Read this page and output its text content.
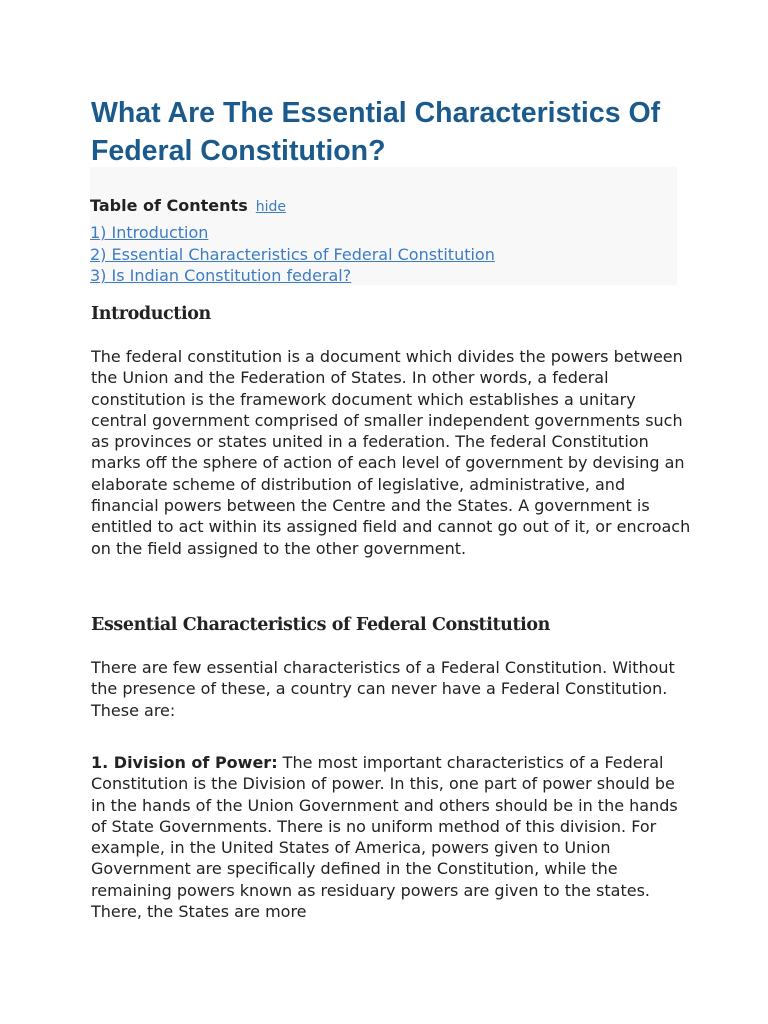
What Are The Essential Characteristics Of Federal Constitution?
Table of Contents hide
1) Introduction
2) Essential Characteristics of Federal Constitution
3) Is Indian Constitution federal?
Introduction

The federal constitution is a document which divides the powers between the Union and the Federation of States. In other words, a federal constitution is the framework document which establishes a unitary central government comprised of smaller independent governments such as provinces or states united in a federation. The federal Constitution marks off the sphere of action of each level of government by devising an elaborate scheme of distribution of legislative, administrative, and financial powers between the Centre and the States. A government is entitled to act within its assigned field and cannot go out of it, or encroach on the field assigned to the other government.

Essential Characteristics of Federal Constitution

There are few essential characteristics of a Federal Constitution. Without the presence of these, a country can never have a Federal Constitution. These are:

1. Division of Power: The most important characteristics of a Federal Constitution is the Division of power. In this, one part of power should be in the hands of the Union Government and others should be in the hands of State Governments. There is no uniform method of this division. For example, in the United States of America, powers given to Union Government are specifically defined in the Constitution, while the remaining powers known as residuary powers are given to the states. There, the States are more
